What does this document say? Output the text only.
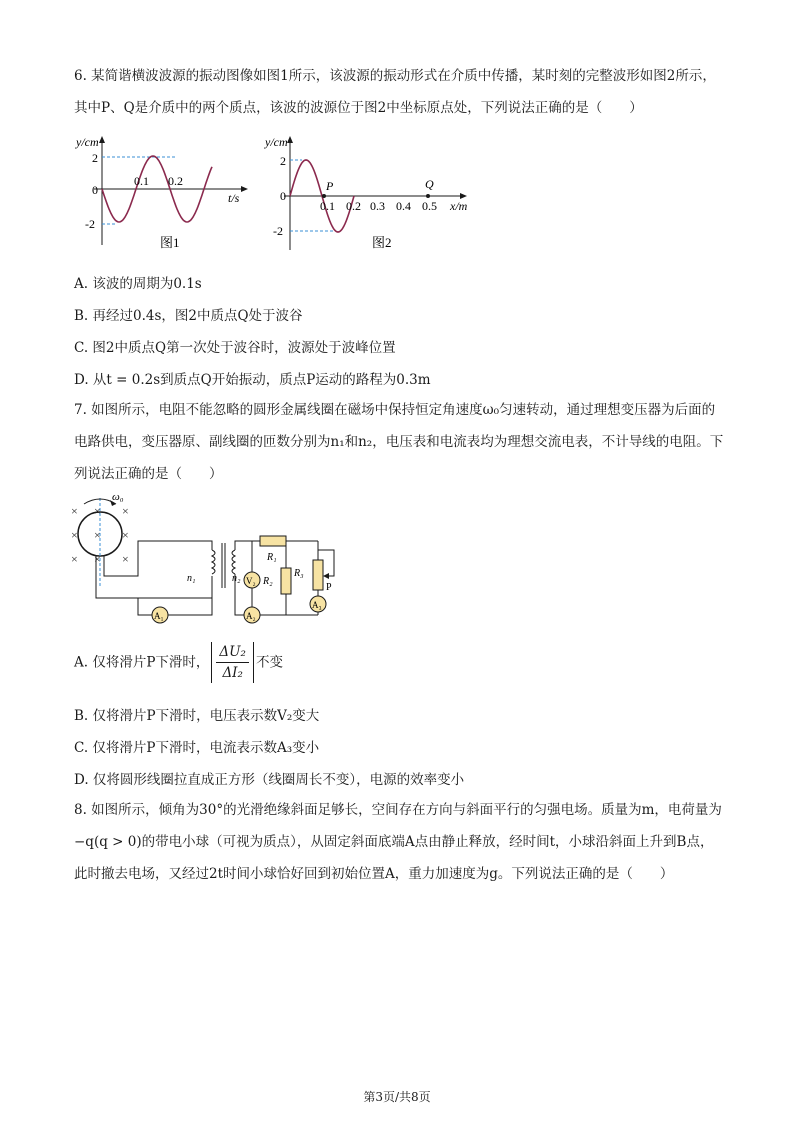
6. 某简谐横波波源的振动图像如图1所示，该波源的振动形式在介质中传播，某时刻的完整波形如图2所示，其中P、Q是介质中的两个质点，该波的波源位于图2中坐标原点处，下列说法正确的是（　　）

y/cm
2
0
-2
0.1 0.2
t/s
图1
y/cm
2
0
-2
0.1 0.2 0.3 0.4 0.5 x/m
P	Q
图2

A. 该波的周期为0.1s

B. 再经过0.4s，图2中质点Q处于波谷

C. 图2中质点Q第一次处于波谷时，波源处于波峰位置

D. 从t = 0.2s到质点Q开始振动，质点P运动的路程为0.3m

7. 如图所示，电阻不能忽略的圆形金属线圈在磁场中保持恒定角速度ω₀匀速转动，通过理想变压器为后面的电路供电，变压器原、副线圈的匝数分别为n₁和n₂，电压表和电流表均为理想交流电表，不计导线的电阻。下列说法正确的是（　　）

× × ×
× × ×
× × ×
ω₀
A₁
n₁	n₂ V₂
A₂
R₁
R₂
R₃
P
A₃
A. 仅将滑片P下滑时， $\frac{\text{ΔU₂}}{\text{ΔI₂}}$ 不变

B. 仅将滑片P下滑时，电压表示数V₂变大

C. 仅将滑片P下滑时，电流表示数A₃变小

D. 仅将圆形线圈拉直成正方形（线圈周长不变），电源的效率变小

8. 如图所示，倾角为30°的光滑绝缘斜面足够长，空间存在方向与斜面平行的匀强电场。质量为m，电荷量为−q(q > 0)的带电小球（可视为质点），从固定斜面底端A点由静止释放，经时间t，小球沿斜面上升到B点，此时撤去电场，又经过2t时间小球恰好回到初始位置A，重力加速度为g。下列说法正确的是（　　）

第3页/共8页
